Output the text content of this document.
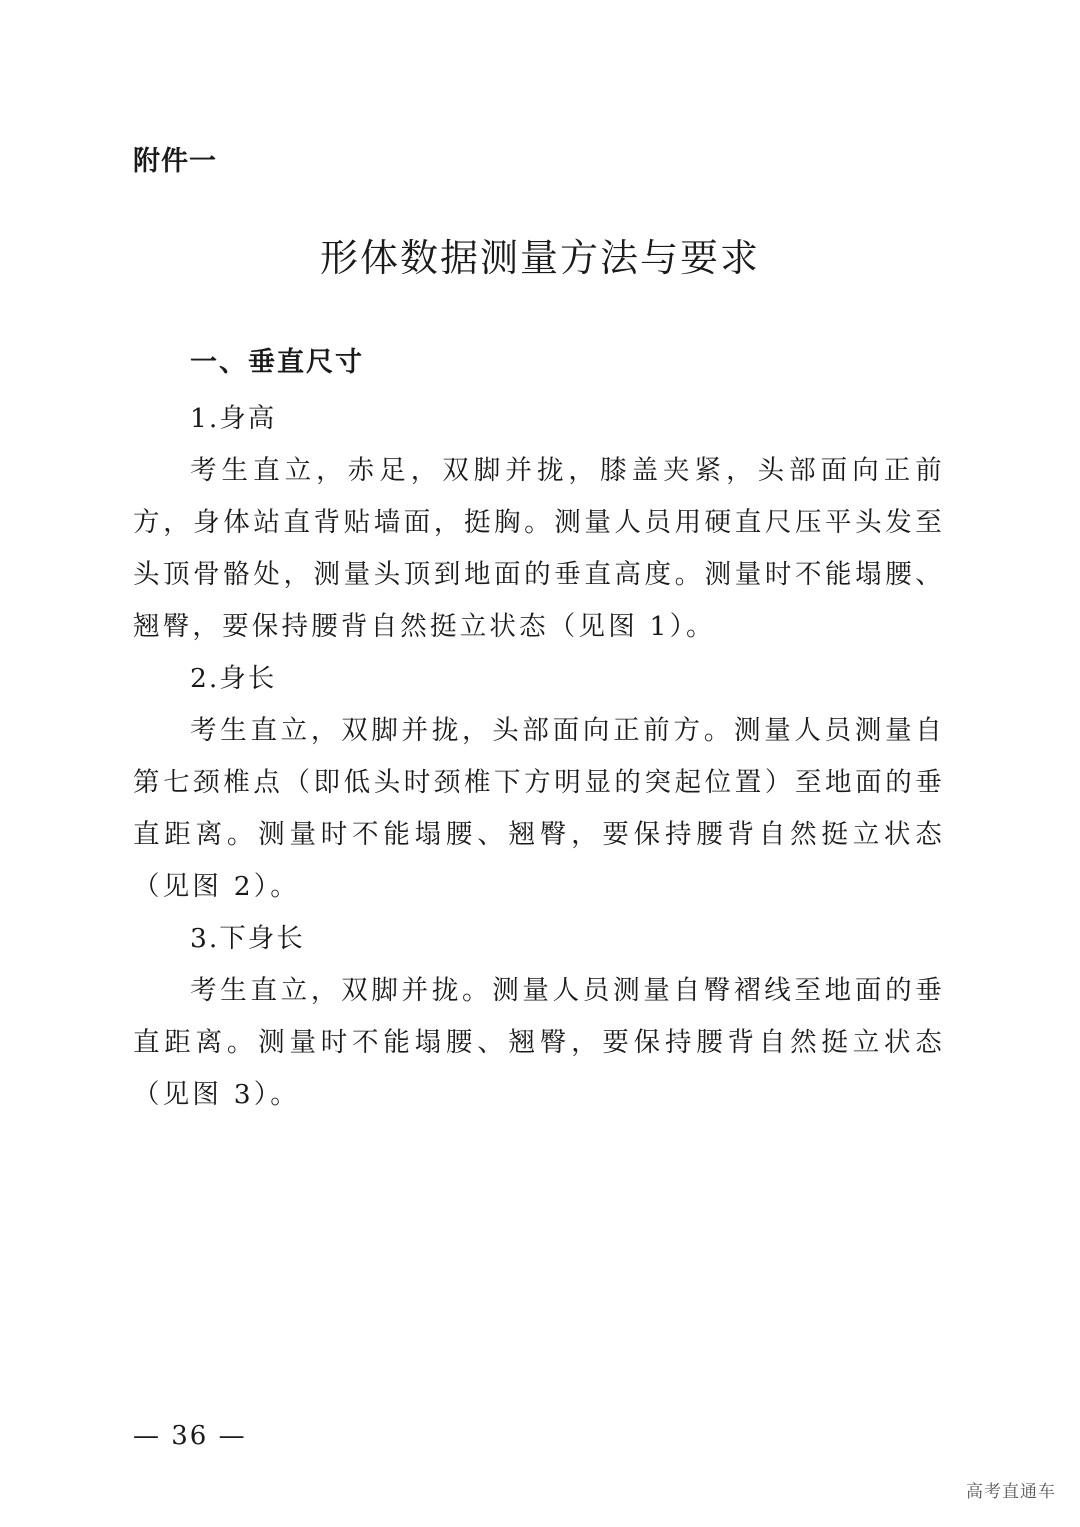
附件一
形体数据测量方法与要求
一、垂直尺寸

1.身高

考生直立，赤足，双脚并拢，膝盖夹紧，头部面向正前方，身体站直背贴墙面，挺胸。测量人员用硬直尺压平头发至头顶骨骼处，测量头顶到地面的垂直高度。测量时不能塌腰、翘臀，要保持腰背自然挺立状态（见图 1）。

2.身长

考生直立，双脚并拢，头部面向正前方。测量人员测量自第七颈椎点（即低头时颈椎下方明显的突起位置）至地面的垂直距离。测量时不能塌腰、翘臀，要保持腰背自然挺立状态（见图 2）。

3.下身长

考生直立，双脚并拢。测量人员测量自臀褶线至地面的垂直距离。测量时不能塌腰、翘臀，要保持腰背自然挺立状态（见图 3）。

— 36 —
高考直通车
